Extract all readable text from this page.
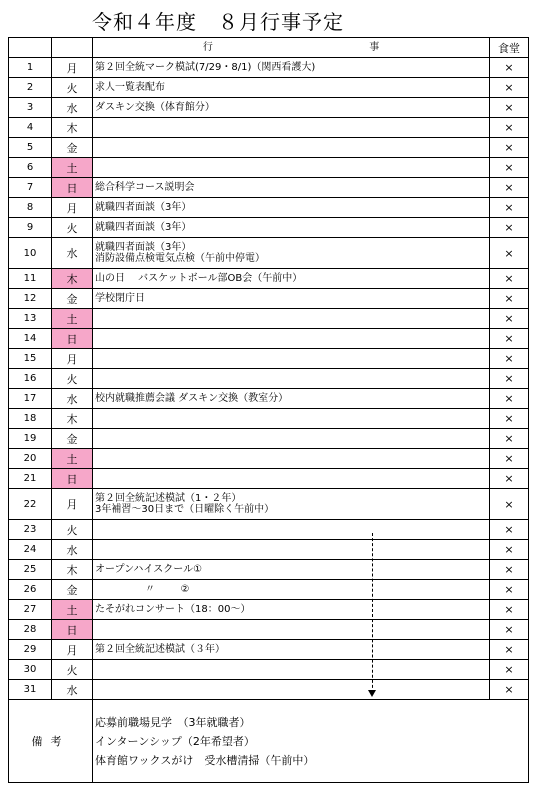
令和４年度　８月行事予定
		行 事	食堂
1	月	第２回全統マーク模試(7/29・8/1)（関西看護大)	×
2	火	求人一覧表配布	×
3	水	ダスキン交換（体育館分）	×
4	木		×
5	金		×
6	土		×
7	日	総合科学コース説明会	×
8	月	就職四者面談（3年）	×
9	火	就職四者面談（3年）	×
10	水	就職四者面談（3年）
消防設備点検電気点検（午前中停電）	×
11	木	山の日　 バスケットボール部OB会（午前中）	×
12	金	学校閉庁日	×
13	土		×
14	日		×
15	月		×
16	火		×
17	水	校内就職推薦会議 ダスキン交換（教室分）	×
18	木		×
19	金		×
20	土		×
21	日		×
22	月	第２回全統記述模試（1・２年）
3年補習～30日まで（日曜除く午前中）	×
23	火		×
24	水		×
25	木	オープンハイスクール①	×
26	金	〃 ②	×
27	土	たそがれコンサート（18：00～）	×
28	日		×
29	月	第２回全統記述模試（３年）	×
30	火		×
31	水		×
備考		応募前職場見学　（3年就職者）
インターンシップ（2年希望者）
体育館ワックスがけ　受水槽清掃（午前中）	
